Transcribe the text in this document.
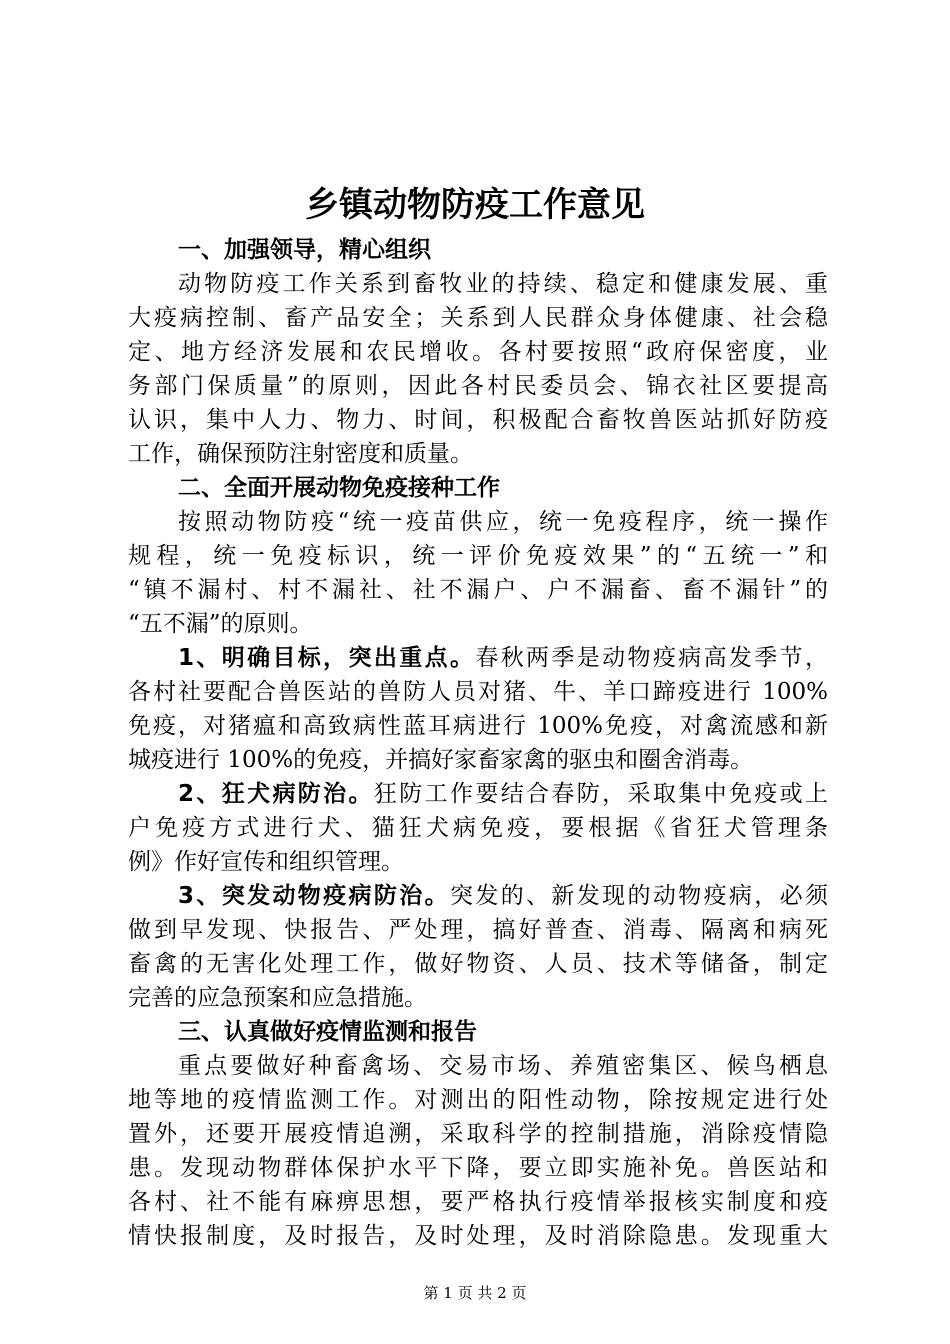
乡镇动物防疫工作意见
一、加强领导，精心组织
动物防疫工作关系到畜牧业的持续、稳定和健康发展、重
大疫病控制、畜产品安全；关系到人民群众身体健康、社会稳
定、地方经济发展和农民增收。各村要按照“政府保密度，业
务部门保质量”的原则，因此各村民委员会、锦衣社区要提高
认识，集中人力、物力、时间，积极配合畜牧兽医站抓好防疫
工作，确保预防注射密度和质量。
二、全面开展动物免疫接种工作
按照动物防疫“统一疫苗供应，统一免疫程序，统一操作
规程，统一免疫标识，统一评价免疫效果”的“五统一”和
“镇不漏村、村不漏社、社不漏户、户不漏畜、畜不漏针”的
“五不漏”的原则。
1、明确目标，突出重点。春秋两季是动物疫病高发季节，
各村社要配合兽医站的兽防人员对猪、牛、羊口蹄疫进行 100%
免疫，对猪瘟和高致病性蓝耳病进行 100%免疫，对禽流感和新
城疫进行 100%的免疫，并搞好家畜家禽的驱虫和圈舍消毒。
2、狂犬病防治。狂防工作要结合春防，采取集中免疫或上
户免疫方式进行犬、猫狂犬病免疫，要根据《省狂犬管理条
例》作好宣传和组织管理。
3、突发动物疫病防治。突发的、新发现的动物疫病，必须
做到早发现、快报告、严处理，搞好普查、消毒、隔离和病死
畜禽的无害化处理工作，做好物资、人员、技术等储备，制定
完善的应急预案和应急措施。
三、认真做好疫情监测和报告
重点要做好种畜禽场、交易市场、养殖密集区、候鸟栖息
地等地的疫情监测工作。对测出的阳性动物，除按规定进行处
置外，还要开展疫情追溯，采取科学的控制措施，消除疫情隐
患。发现动物群体保护水平下降，要立即实施补免。兽医站和
各村、社不能有麻痹思想，要严格执行疫情举报核实制度和疫
情快报制度，及时报告，及时处理，及时消除隐患。发现重大
第 1 页 共 2 页
